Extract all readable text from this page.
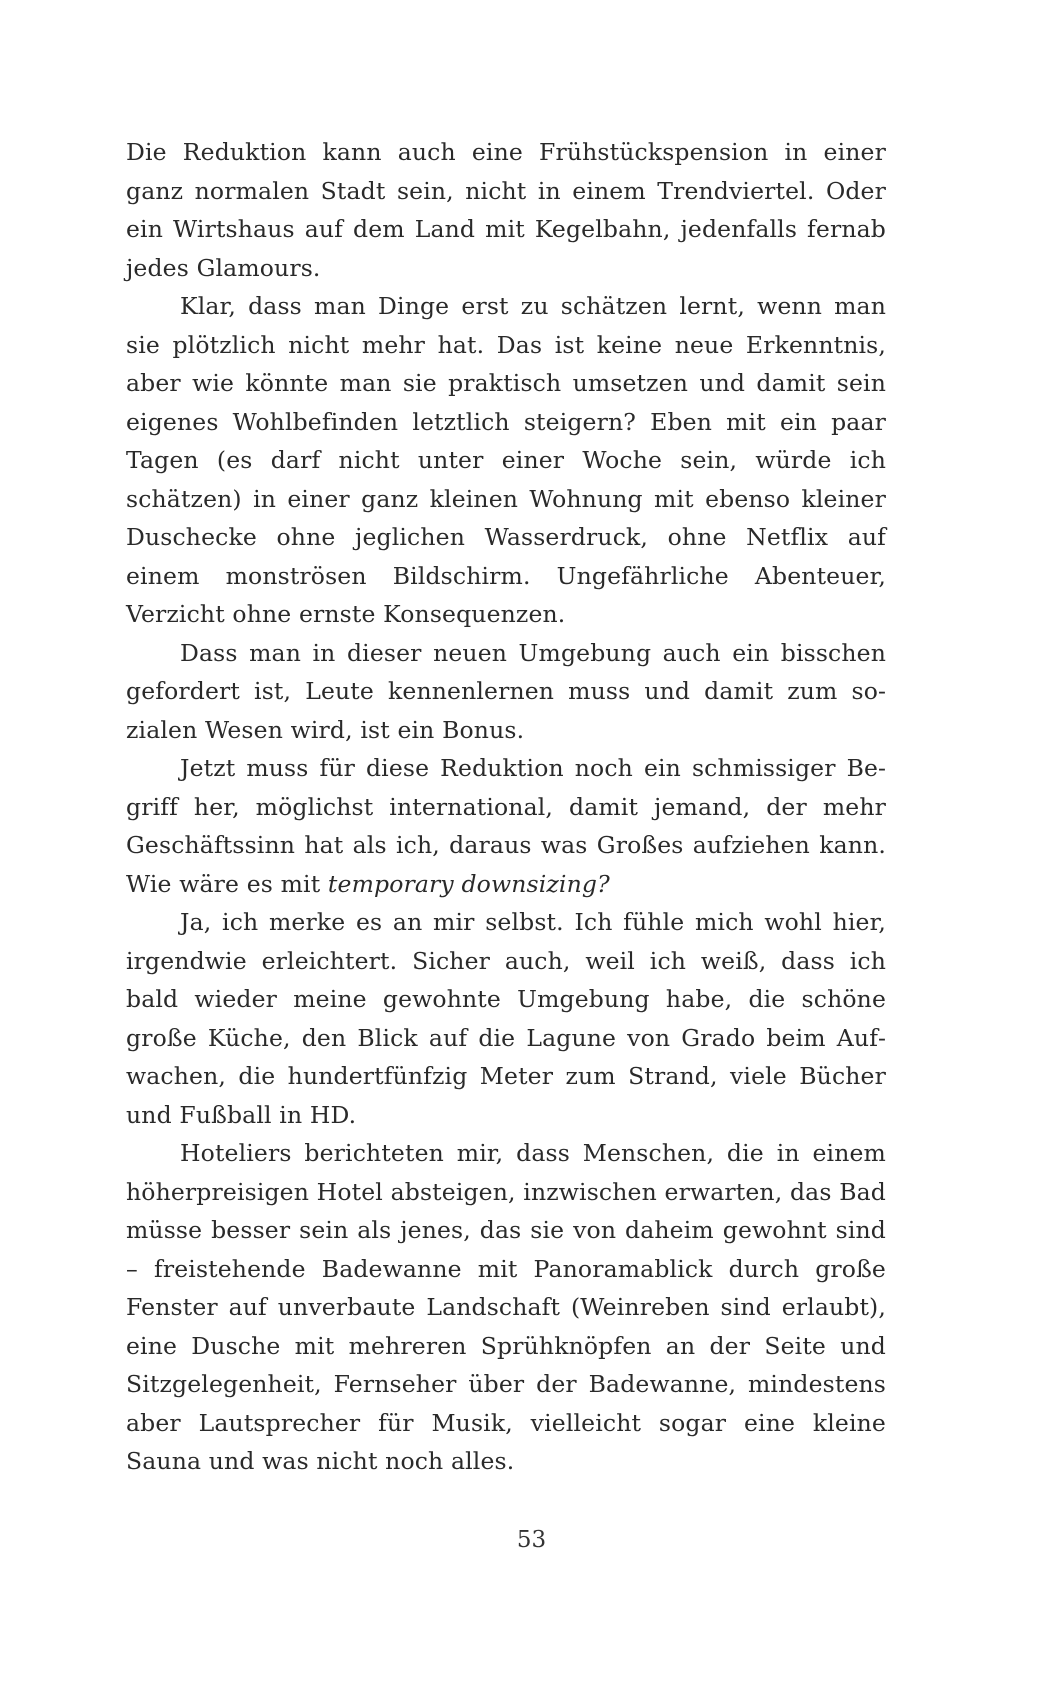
Die Reduktion kann auch eine Frühstückspension in einer ganz normalen Stadt sein, nicht in einem Trendviertel. Oder ein Wirtshaus auf dem Land mit Kegelbahn, jedenfalls fernab jedes Glamours.

Klar, dass man Dinge erst zu schätzen lernt, wenn man sie plötzlich nicht mehr hat. Das ist keine neue Erkenntnis, aber wie könnte man sie praktisch umsetzen und damit sein eigenes Wohlbefinden letztlich steigern? Eben mit ein paar Tagen (es darf nicht unter einer Woche sein, würde ich schätzen) in einer ganz kleinen Wohnung mit ebenso kleiner Duschecke ohne jeglichen Wasserdruck, ohne Netflix auf einem monströsen Bildschirm. Ungefährliche Abenteuer, Verzicht ohne ernste Konsequenzen.

Dass man in dieser neuen Umgebung auch ein bisschen gefordert ist, Leute kennenlernen muss und damit zum sozialen Wesen wird, ist ein Bonus.

Jetzt muss für diese Reduktion noch ein schmissiger Begriff her, möglichst international, damit jemand, der mehr Geschäftssinn hat als ich, daraus was Großes aufziehen kann. Wie wäre es mit temporary downsizing?

Ja, ich merke es an mir selbst. Ich fühle mich wohl hier, irgendwie erleichtert. Sicher auch, weil ich weiß, dass ich bald wieder meine gewohnte Umgebung habe, die schöne große Küche, den Blick auf die Lagune von Grado beim Aufwachen, die hundertfünfzig Meter zum Strand, viele Bücher und Fußball in HD.

Hoteliers berichteten mir, dass Menschen, die in einem höherpreisigen Hotel absteigen, inzwischen erwarten, das Bad müsse besser sein als jenes, das sie von daheim gewohnt sind – freistehende Badewanne mit Panoramablick durch große Fenster auf unverbaute Landschaft (Weinreben sind erlaubt), eine Dusche mit mehreren Sprühknöpfen an der Seite und Sitzgelegenheit, Fernseher über der Badewanne, mindestens aber Lautsprecher für Musik, vielleicht sogar eine kleine Sauna und was nicht noch alles.

53
